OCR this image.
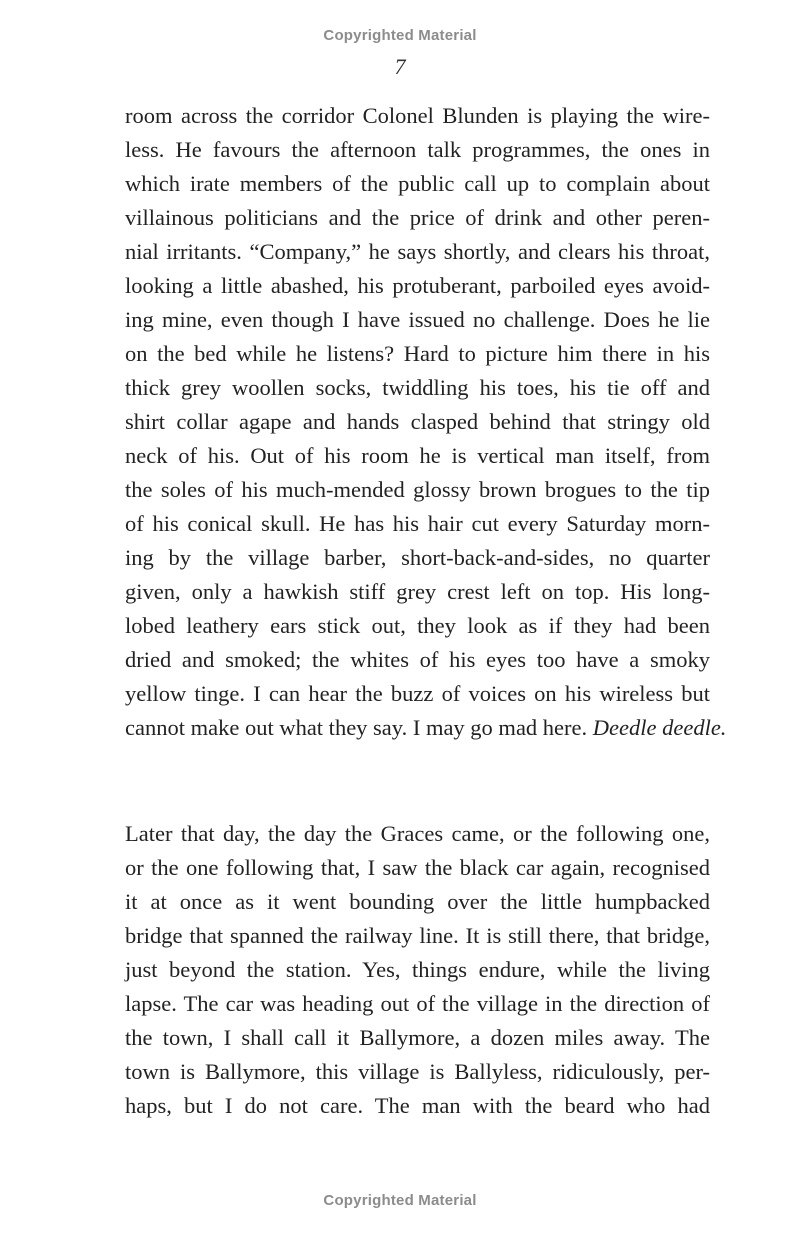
Copyrighted Material
7
room across the corridor Colonel Blunden is playing the wire-
less. He favours the afternoon talk programmes, the ones in
which irate members of the public call up to complain about
villainous politicians and the price of drink and other peren-
nial irritants. “Company,” he says shortly, and clears his throat,
looking a little abashed, his protuberant, parboiled eyes avoid-
ing mine, even though I have issued no challenge. Does he lie
on the bed while he listens? Hard to picture him there in his
thick grey woollen socks, twiddling his toes, his tie off and
shirt collar agape and hands clasped behind that stringy old
neck of his. Out of his room he is vertical man itself, from
the soles of his much-mended glossy brown brogues to the tip
of his conical skull. He has his hair cut every Saturday morn-
ing by the village barber, short-back-and-sides, no quarter
given, only a hawkish stiff grey crest left on top. His long-
lobed leathery ears stick out, they look as if they had been
dried and smoked; the whites of his eyes too have a smoky
yellow tinge. I can hear the buzz of voices on his wireless but
cannot make out what they say. I may go mad here. Deedle deedle.
Later that day, the day the Graces came, or the following one,
or the one following that, I saw the black car again, recognised
it at once as it went bounding over the little humpbacked
bridge that spanned the railway line. It is still there, that bridge,
just beyond the station. Yes, things endure, while the living
lapse. The car was heading out of the village in the direction of
the town, I shall call it Ballymore, a dozen miles away. The
town is Ballymore, this village is Ballyless, ridiculously, per-
haps, but I do not care. The man with the beard who had
Copyrighted Material
